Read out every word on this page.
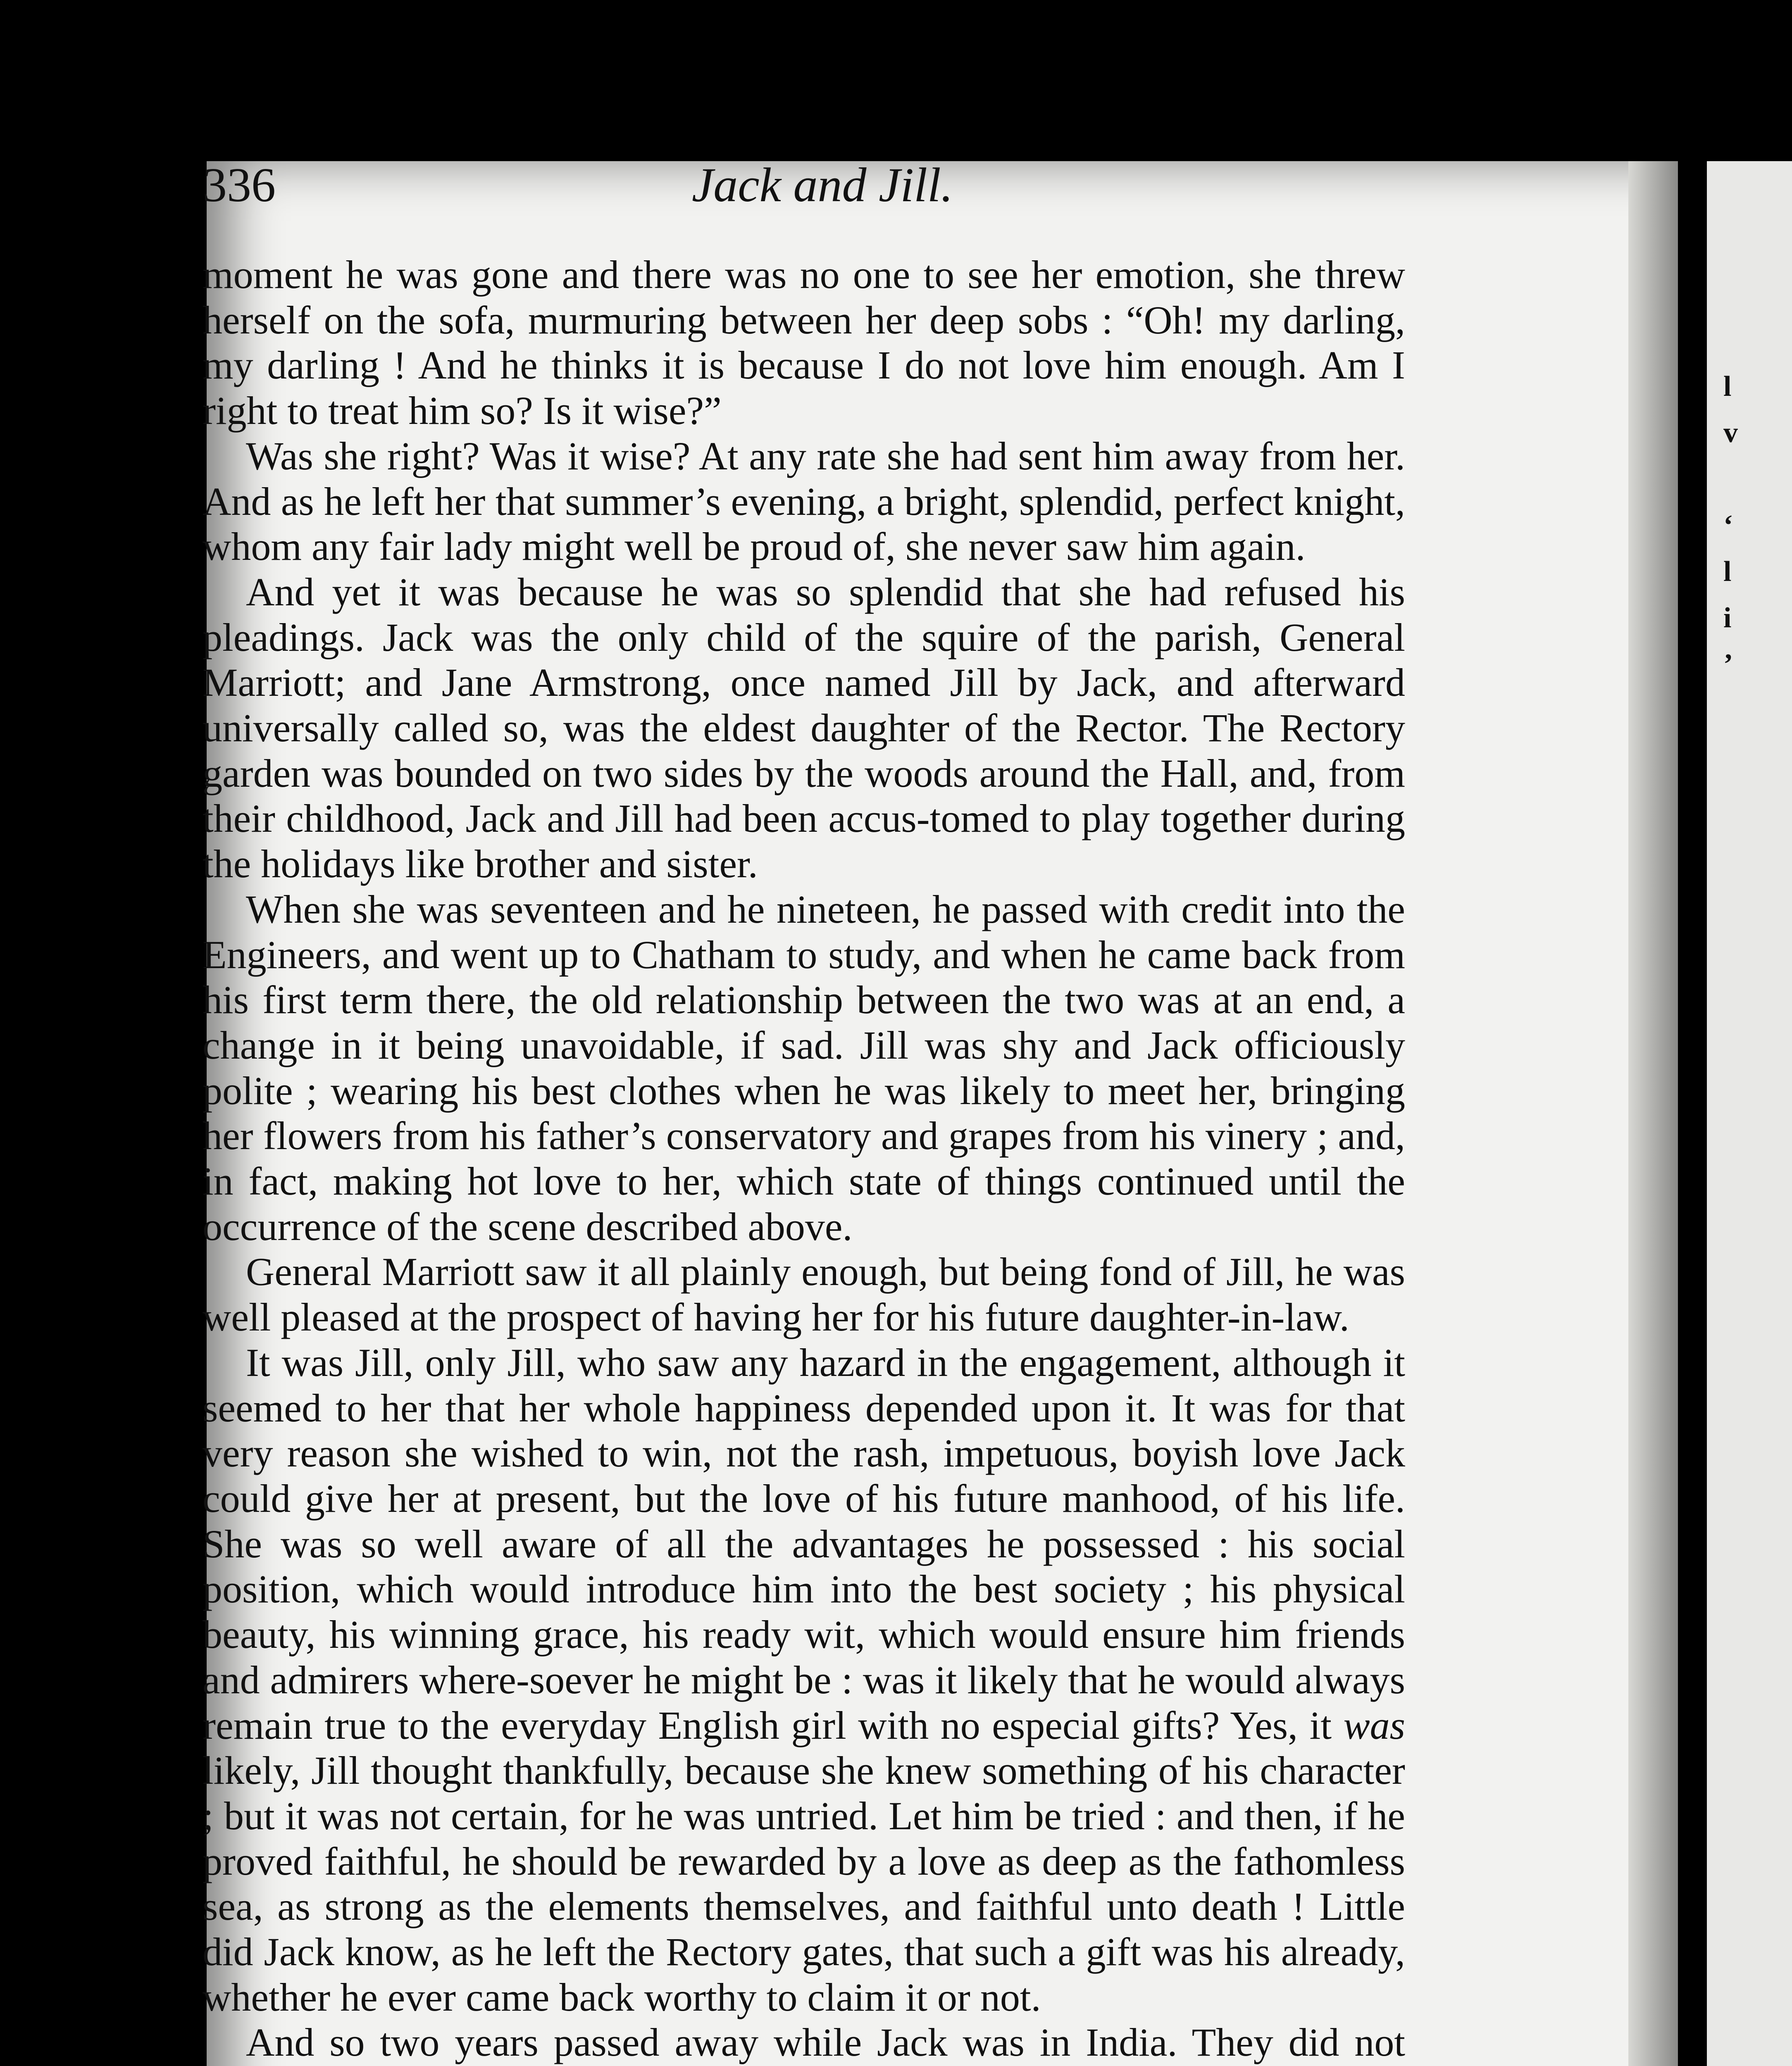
l
v

‘
l
i
’
336	Jack and Jill.

moment he was gone and there was no one to see her emotion, she threw herself on the sofa, murmuring between her deep sobs : “Oh! my darling, my darling ! And he thinks it is because I do not love him enough. Am I right to treat him so? Is it wise?”

Was she right? Was it wise? At any rate she had sent him away from her. And as he left her that summer’s evening, a bright, splendid, perfect knight, whom any fair lady might well be proud of, she never saw him again.

And yet it was because he was so splendid that she had refused his pleadings. Jack was the only child of the squire of the parish, General Marriott; and Jane Armstrong, once named Jill by Jack, and afterward universally called so, was the eldest daughter of the Rector. The Rectory garden was bounded on two sides by the woods around the Hall, and, from their childhood, Jack and Jill had been accus-tomed to play together during the holidays like brother and sister.

When she was seventeen and he nineteen, he passed with credit into the Engineers, and went up to Chatham to study, and when he came back from his first term there, the old relationship between the two was at an end, a change in it being unavoidable, if sad. Jill was shy and Jack officiously polite ; wearing his best clothes when he was likely to meet her, bringing her flowers from his father’s conservatory and grapes from his vinery ; and, in fact, making hot love to her, which state of things continued until the occurrence of the scene described above.

General Marriott saw it all plainly enough, but being fond of Jill, he was well pleased at the prospect of having her for his future daughter-in-law.

It was Jill, only Jill, who saw any hazard in the engagement, although it seemed to her that her whole happiness depended upon it. It was for that very reason she wished to win, not the rash, impetuous, boyish love Jack could give her at present, but the love of his future manhood, of his life. She was so well aware of all the advantages he possessed : his social position, which would introduce him into the best society ; his physical beauty, his winning grace, his ready wit, which would ensure him friends and admirers where-soever he might be : was it likely that he would always remain true to the everyday English girl with no especial gifts? Yes, it was likely, Jill thought thankfully, because she knew something of his character ; but it was not certain, for he was untried. Let him be tried : and then, if he proved faithful, he should be rewarded by a love as deep as the fathomless sea, as strong as the elements themselves, and faithful unto death ! Little did Jack know, as he left the Rectory gates, that such a gift was his already, whether he ever came back worthy to claim it or not.

And so two years passed away while Jack was in India. They did not
